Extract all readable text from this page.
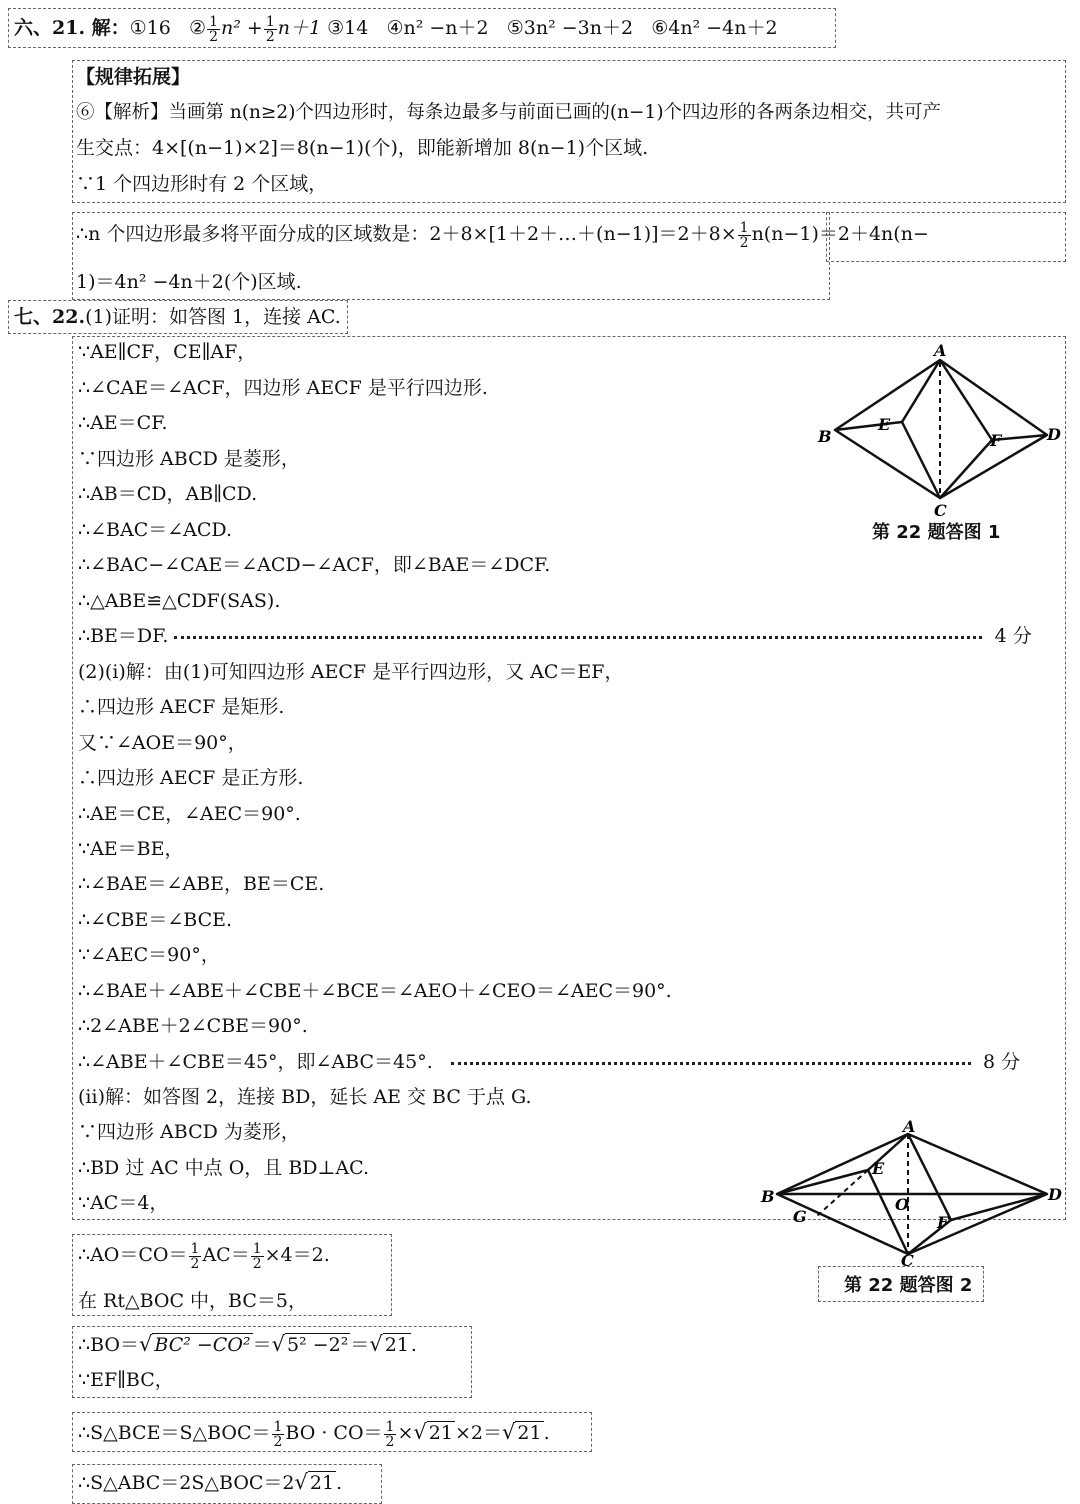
六、21. 解：①16 ② $\frac{1}{2} n^2 + \frac{1}{2} n+1$ ③14 ④n² −n＋2 ⑤3n² −3n＋2 ⑥4n² −4n＋2
【规律拓展】
⑥【解析】当画第 n(n≥2)个四边形时，每条边最多与前面已画的(n−1)个四边形的各两条边相交，共可产
生交点：4×[(n−1)×2]＝8(n−1)(个)，即能新增加 8(n−1)个区域.
∵1 个四边形时有 2 个区域，
∴n 个四边形最多将平面分成的区域数是：2＋8×[1＋2＋…＋(n−1)]＝2＋8× $\frac{1}{2} n(n-1)=2+4n(n-$
1)＝4n² −4n＋2(个)区域.
七、22.(1)证明：如答图 1，连接 AC.
∵AE∥CF，CE∥AF，
∴∠CAE＝∠ACF，四边形 AECF 是平行四边形.
∴AE＝CF.
∵四边形 ABCD 是菱形，
∴AB＝CD，AB∥CD.
∴∠BAC＝∠ACD.
∴∠BAC−∠CAE＝∠ACD−∠ACF，即∠BAE＝∠DCF.
∴△ABE≌△CDF(SAS).
∴BE＝DF.	4 分
(2)(ⅰ)解：由(1)可知四边形 AECF 是平行四边形，又 AC＝EF，
∴四边形 AECF 是矩形.
又∵∠AOE＝90°，
∴四边形 AECF 是正方形.
∴AE＝CE，∠AEC＝90°.
∵AE＝BE，
∴∠BAE＝∠ABE，BE＝CE.
∴∠CBE＝∠BCE.
∵∠AEC＝90°，
∴∠BAE＋∠ABE＋∠CBE＋∠BCE＝∠AEO＋∠CEO＝∠AEC＝90°.
∴2∠ABE＋2∠CBE＝90°.
∴∠ABE＋∠CBE＝45°，即∠ABC＝45°.	8 分
(ⅱ)解：如答图 2，连接 BD，延长 AE 交 BC 于点 G.
∵四边形 ABCD 为菱形，
∴BD 过 AC 中点 O，且 BD⊥AC.
∵AC＝4，
∴AO＝CO＝ $\frac{1}{2} AC= \frac{1}{2} \times 4=2$.
在 Rt△BOC 中，BC＝5，
∴BO＝√ BC² −CO² ＝√ 5² −2² ＝√ 21 .
∵EF∥BC，
∴S△BCE＝S△BOC＝ $\frac{1}{2}$ BO · $CO= \frac{1}{2}$ ×√ 21 ×2＝√ 21 .
∴S△ABC＝2S△BOC＝2√ 21 .
A
B
C
D
E
F
第 22 题答图 1
A
B
C
D
E
F
G
O
第 22 题答图 2
